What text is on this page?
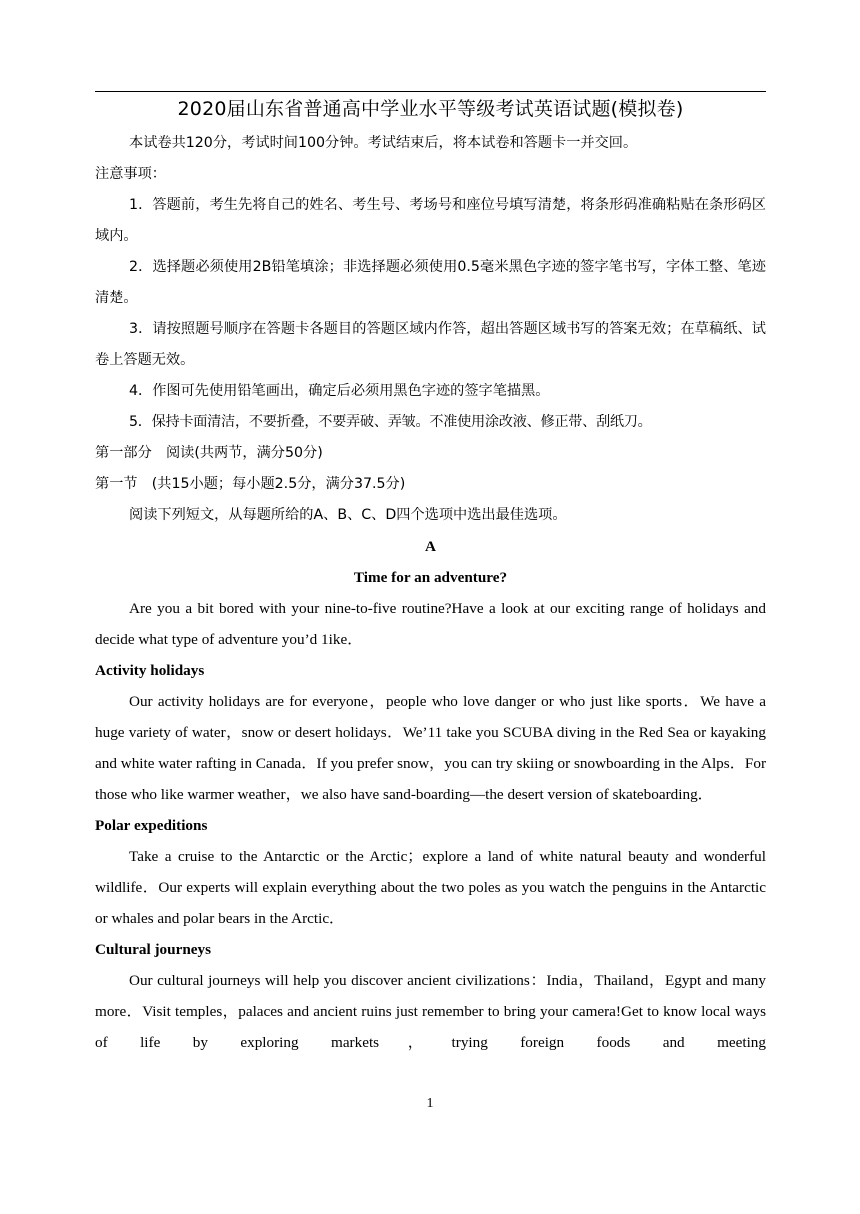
2020届山东省普通高中学业水平等级考试英语试题(模拟卷)

本试卷共120分，考试时间100分钟。考试结束后，将本试卷和答题卡一并交回。

注意事项：

1．答题前，考生先将自己的姓名、考生号、考场号和座位号填写清楚，将条形码准确粘贴在条形码区域内。

2．选择题必须使用2B铅笔填涂；非选择题必须使用0.5毫米黑色字迹的签字笔书写，字体工整、笔迹清楚。

3．请按照题号顺序在答题卡各题目的答题区域内作答，超出答题区域书写的答案无效；在草稿纸、试卷上答题无效。

4．作图可先使用铅笔画出，确定后必须用黑色字迹的签字笔描黑。

5．保持卡面清洁，不要折叠，不要弄破、弄皱。不准使用涂改液、修正带、刮纸刀。

第一部分　阅读(共两节，满分50分)

第一节　(共15小题；每小题2.5分，满分37.5分)

阅读下列短文，从每题所给的A、B、C、D四个选项中选出最佳选项。

A

Time for an adventure?

Are you a bit bored with your nine-to-five routine?Have a look at our exciting range of holidays and decide what type of adventure you’d 1ike．

Activity holidays

Our activity holidays are for everyone，people who love danger or who just like sports．We have a huge variety of water，snow or desert holidays．We’11 take you SCUBA diving in the Red Sea or kayaking and white water rafting in Canada．If you prefer snow，you can try skiing or snowboarding in the Alps．For those who like warmer weather，we also have sand-boarding—the desert version of skateboarding．

Polar expeditions

Take a cruise to the Antarctic or the Arctic；explore a land of white natural beauty and wonderful wildlife．Our experts will explain everything about the two poles as you watch the penguins in the Antarctic or whales and polar bears in the Arctic．

Cultural journeys

Our cultural journeys will help you discover ancient civilizations：India，Thailand，Egypt and many more．Visit temples，palaces and ancient ruins just remember to bring your camera!Get to know local ways of life by exploring markets，trying foreign foods and meeting

1
